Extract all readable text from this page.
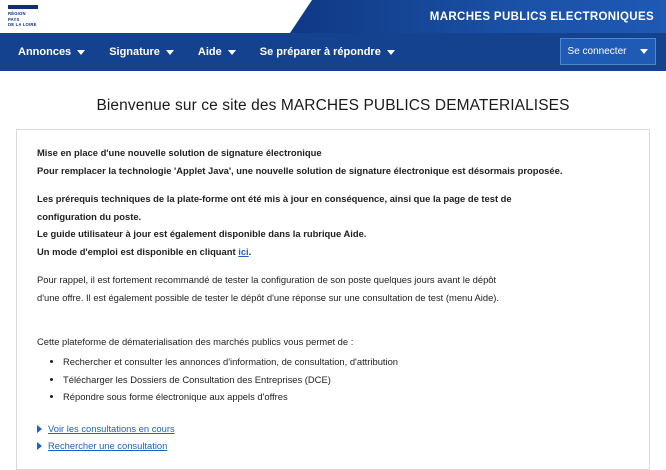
RÉGION
PAYS
DE LA LOIRE
MARCHES PUBLICS ELECTRONIQUES
Annonces	Signature	Aide	Se préparer à répondre	Se connecter
Bienvenue sur ce site des MARCHES PUBLICS DEMATERIALISES

Mise en place d'une nouvelle solution de signature électronique

Pour remplacer la technologie 'Applet Java', une nouvelle solution de signature électronique est désormais proposée.

Les prérequis techniques de la plate-forme ont été mis à jour en conséquence, ainsi que la page de test de

configuration du poste.

Le guide utilisateur à jour est également disponible dans la rubrique Aide.

Un mode d'emploi est disponible en cliquant ici.

Pour rappel, il est fortement recommandé de tester la configuration de son poste quelques jours avant le dépôt

d'une offre. Il est également possible de tester le dépôt d'une réponse sur une consultation de test (menu Aide).

Cette plateforme de dématerialisation des marchés publics vous permet de :

• Rechercher et consulter les annonces d'information, de consultation, d'attribution
• Télécharger les Dossiers de Consultation des Entreprises (DCE)
• Répondre sous forme électronique aux appels d'offres
Voir les consultations en cours
Rechercher une consultation
